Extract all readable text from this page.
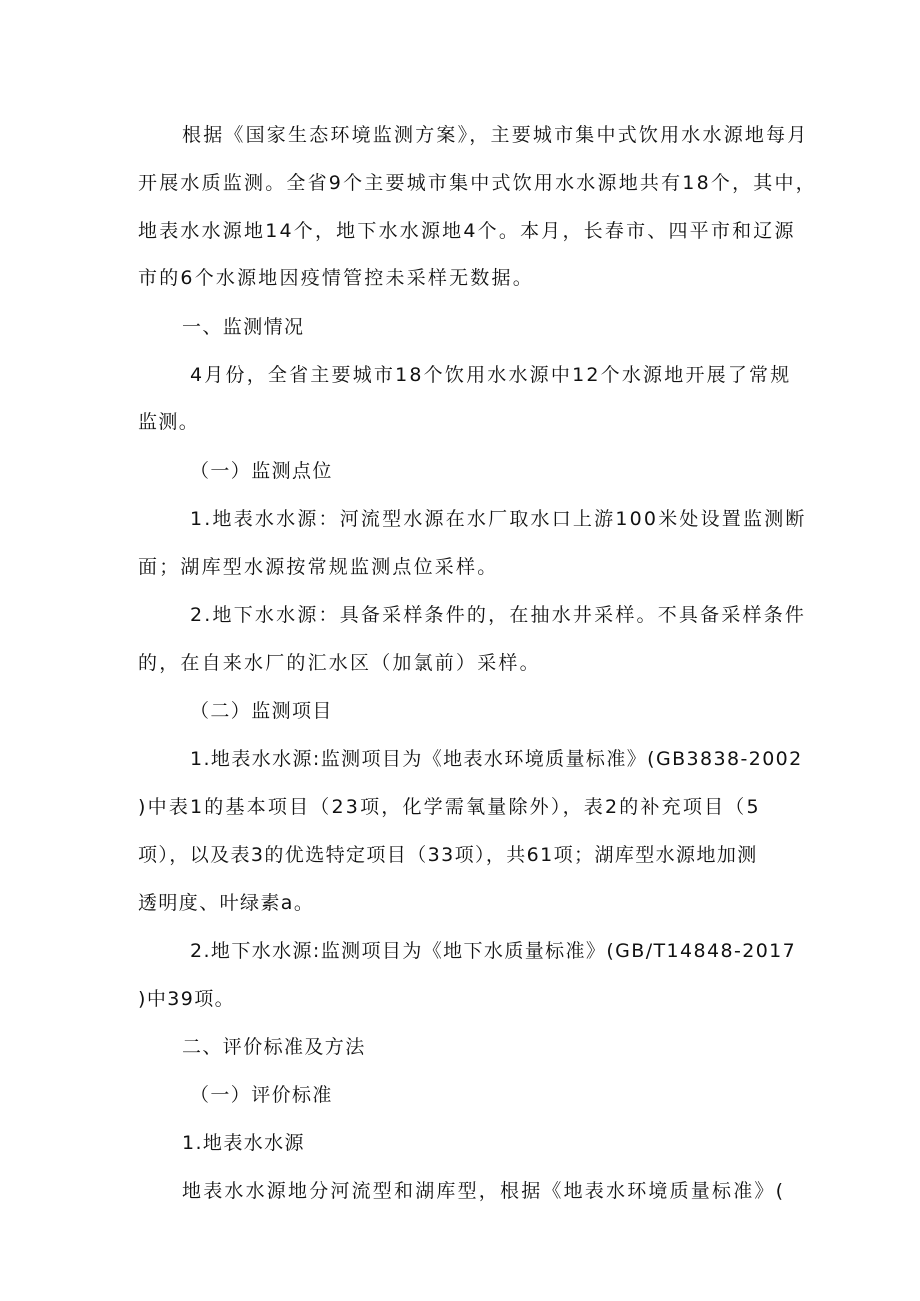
根据《国家生态环境监测方案》，主要城市集中式饮用水水源地每月
开展水质监测。全省9个主要城市集中式饮用水水源地共有18个，其中，
地表水水源地14个，地下水水源地4个。本月，长春市、四平市和辽源
市的6个水源地因疫情管控未采样无数据。
一、监测情况
4月份，全省主要城市18个饮用水水源中12个水源地开展了常规
监测。
（一）监测点位
1.地表水水源：河流型水源在水厂取水口上游100米处设置监测断
面；湖库型水源按常规监测点位采样。
2.地下水水源：具备采样条件的，在抽水井采样。不具备采样条件
的，在自来水厂的汇水区（加氯前）采样。
（二）监测项目
1.地表水水源:监测项目为《地表水环境质量标准》(GB3838-2002
)中表1的基本项目（23项，化学需氧量除外），表2的补充项目（5
项），以及表3的优选特定项目（33项），共61项；湖库型水源地加测
透明度、叶绿素a。
2.地下水水源:监测项目为《地下水质量标准》(GB/T14848-2017
)中39项。
二、评价标准及方法
（一）评价标准
1.地表水水源
地表水水源地分河流型和湖库型，根据《地表水环境质量标准》(
